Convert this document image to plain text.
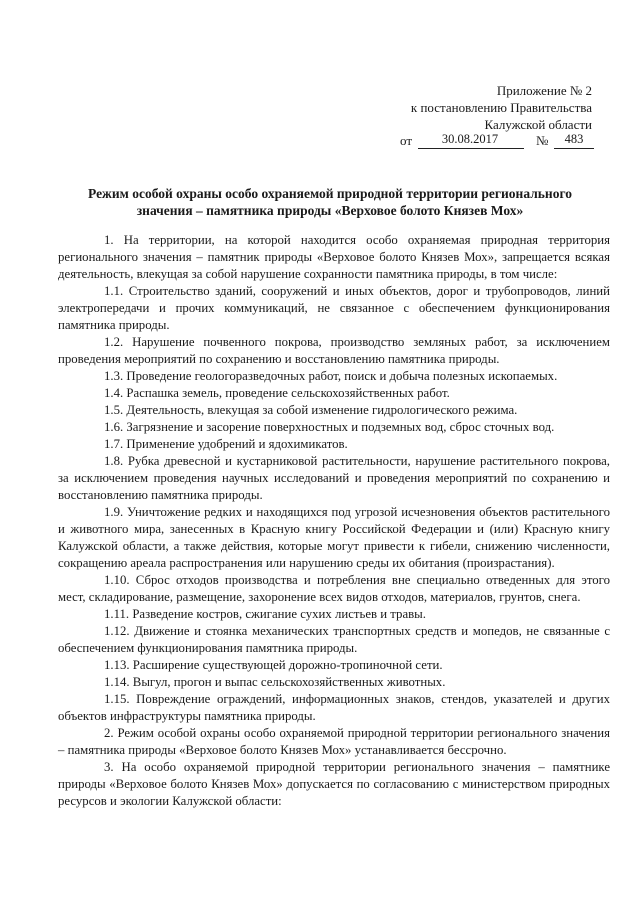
Приложение № 2
к постановлению Правительства
Калужской области
от	30.08.2017	№	483
Режим особой охраны особо охраняемой природной территории регионального значения – памятника природы «Верховое болото Князев Мох»

1. На территории, на которой находится особо охраняемая природная территория регионального значения – памятник природы «Верховое болото Князев Мох», запрещается всякая деятельность, влекущая за собой нарушение сохранности памятника природы, в том числе:

1.1. Строительство зданий, сооружений и иных объектов, дорог и трубопроводов, линий электропередачи и прочих коммуникаций, не связанное с обеспечением функционирования памятника природы.

1.2. Нарушение почвенного покрова, производство земляных работ, за исключением проведения мероприятий по сохранению и восстановлению памятника природы.

1.3. Проведение геологоразведочных работ, поиск и добыча полезных ископаемых.

1.4. Распашка земель, проведение сельскохозяйственных работ.

1.5. Деятельность, влекущая за собой изменение гидрологического режима.

1.6. Загрязнение и засорение поверхностных и подземных вод, сброс сточных вод.

1.7. Применение удобрений и ядохимикатов.

1.8. Рубка древесной и кустарниковой растительности, нарушение растительного покрова, за исключением проведения научных исследований и проведения мероприятий по сохранению и восстановлению памятника природы.

1.9. Уничтожение редких и находящихся под угрозой исчезновения объектов растительного и животного мира, занесенных в Красную книгу Российской Федерации и (или) Красную книгу Калужской области, а также действия, которые могут привести к гибели, снижению численности, сокращению ареала распространения или нарушению среды их обитания (произрастания).

1.10. Сброс отходов производства и потребления вне специально отведенных для этого мест, складирование, размещение, захоронение всех видов отходов, материалов, грунтов, снега.

1.11. Разведение костров, сжигание сухих листьев и травы.

1.12. Движение и стоянка механических транспортных средств и мопедов, не связанные с обеспечением функционирования памятника природы.

1.13. Расширение существующей дорожно-тропиночной сети.

1.14. Выгул, прогон и выпас сельскохозяйственных животных.

1.15. Повреждение ограждений, информационных знаков, стендов, указателей и других объектов инфраструктуры памятника природы.

2. Режим особой охраны особо охраняемой природной территории регионального значения – памятника природы «Верховое болото Князев Мох» устанавливается бессрочно.

3. На особо охраняемой природной территории регионального значения – памятнике природы «Верховое болото Князев Мох» допускается по согласованию с министерством природных ресурсов и экологии Калужской области:
